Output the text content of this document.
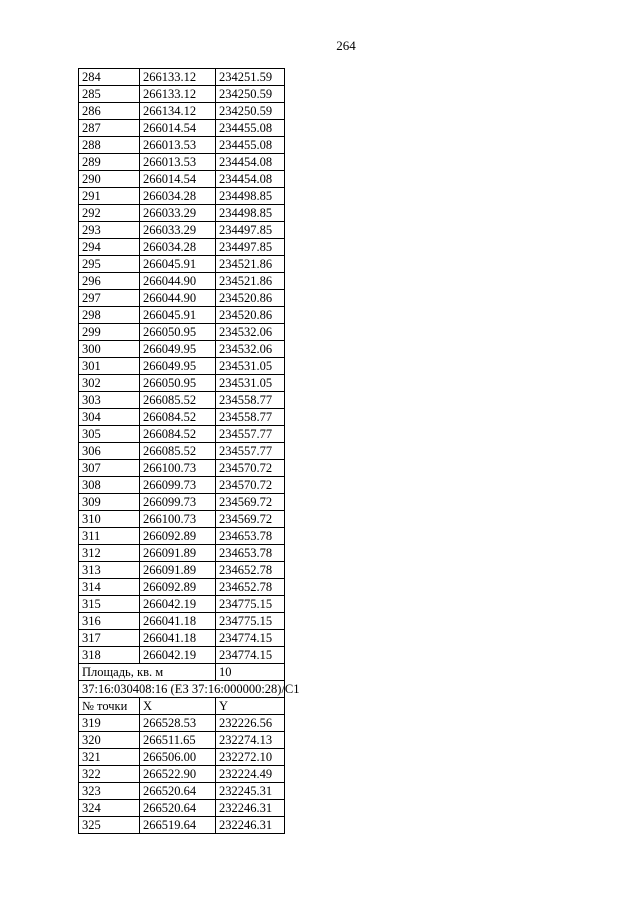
264
284	266133.12	234251.59
285	266133.12	234250.59
286	266134.12	234250.59
287	266014.54	234455.08
288	266013.53	234455.08
289	266013.53	234454.08
290	266014.54	234454.08
291	266034.28	234498.85
292	266033.29	234498.85
293	266033.29	234497.85
294	266034.28	234497.85
295	266045.91	234521.86
296	266044.90	234521.86
297	266044.90	234520.86
298	266045.91	234520.86
299	266050.95	234532.06
300	266049.95	234532.06
301	266049.95	234531.05
302	266050.95	234531.05
303	266085.52	234558.77
304	266084.52	234558.77
305	266084.52	234557.77
306	266085.52	234557.77
307	266100.73	234570.72
308	266099.73	234570.72
309	266099.73	234569.72
310	266100.73	234569.72
311	266092.89	234653.78
312	266091.89	234653.78
313	266091.89	234652.78
314	266092.89	234652.78
315	266042.19	234775.15
316	266041.18	234775.15
317	266041.18	234774.15
318	266042.19	234774.15
Площадь, кв. м		10

37:16:030408:16 (ЕЗ 37:16:000000:28)/С1		

№ точки	X	Y
319	266528.53	232226.56
320	266511.65	232274.13
321	266506.00	232272.10
322	266522.90	232224.49
323	266520.64	232245.31
324	266520.64	232246.31
325	266519.64	232246.31
